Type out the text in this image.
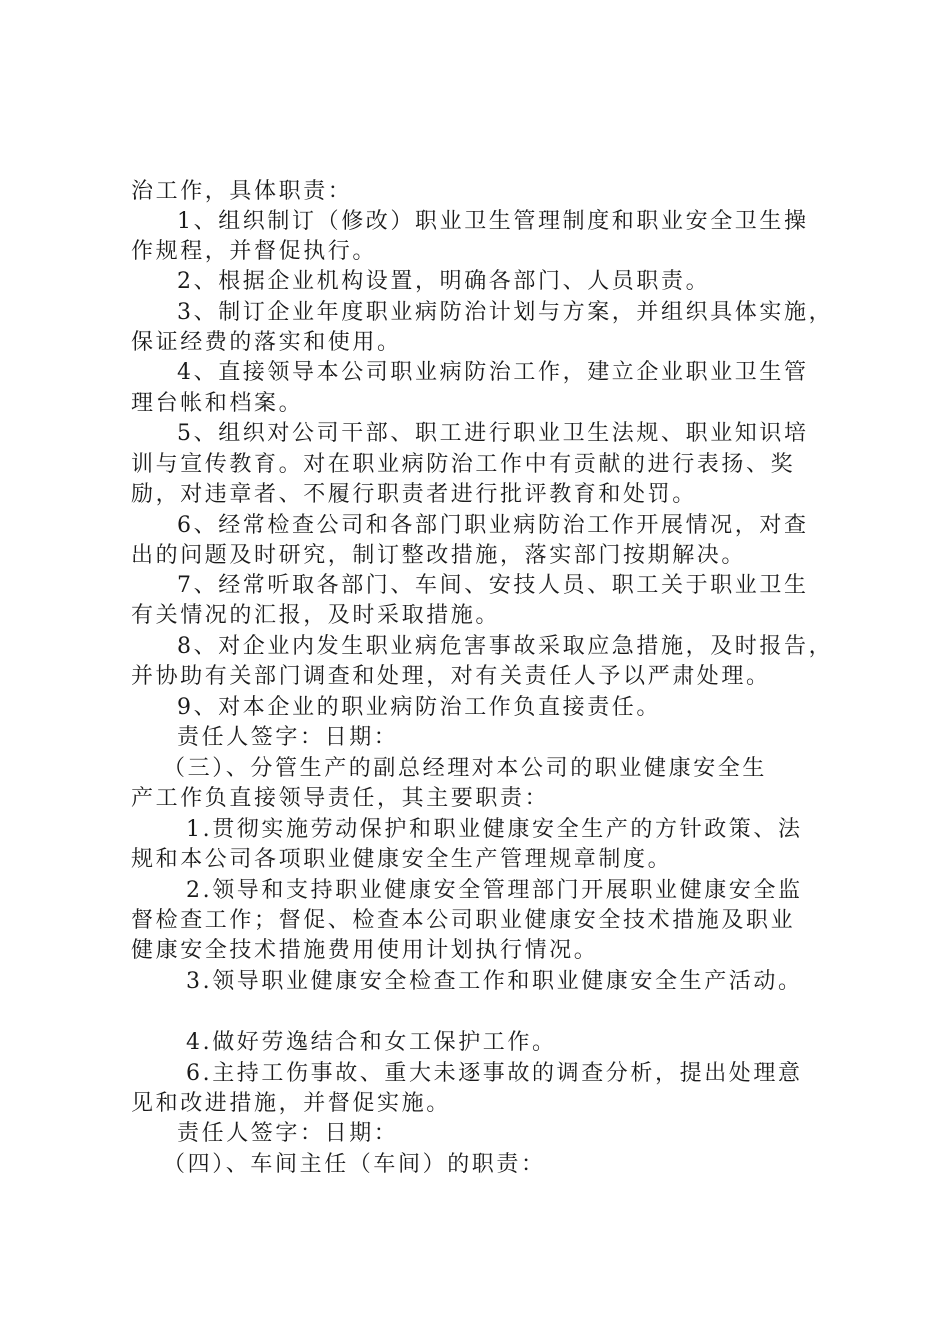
治工作，具体职责：
1、组织制订（修改）职业卫生管理制度和职业安全卫生操
作规程，并督促执行。
2、根据企业机构设置，明确各部门、人员职责。
3、制订企业年度职业病防治计划与方案，并组织具体实施，
保证经费的落实和使用。
4、直接领导本公司职业病防治工作，建立企业职业卫生管
理台帐和档案。
5、组织对公司干部、职工进行职业卫生法规、职业知识培
训与宣传教育。对在职业病防治工作中有贡献的进行表扬、奖
励，对违章者、不履行职责者进行批评教育和处罚。
6、经常检查公司和各部门职业病防治工作开展情况，对查
出的问题及时研究，制订整改措施，落实部门按期解决。
7、经常听取各部门、车间、安技人员、职工关于职业卫生
有关情况的汇报，及时采取措施。
8、对企业内发生职业病危害事故采取应急措施，及时报告，
并协助有关部门调查和处理，对有关责任人予以严肃处理。
9、对本企业的职业病防治工作负直接责任。
责任人签字：日期：
（三）、分管生产的副总经理对本公司的职业健康安全生
产工作负直接领导责任，其主要职责：
1.贯彻实施劳动保护和职业健康安全生产的方针政策、法
规和本公司各项职业健康安全生产管理规章制度。
2.领导和支持职业健康安全管理部门开展职业健康安全监
督检查工作；督促、检查本公司职业健康安全技术措施及职业
健康安全技术措施费用使用计划执行情况。
3.领导职业健康安全检查工作和职业健康安全生产活动。
4.做好劳逸结合和女工保护工作。
6.主持工伤事故、重大未逐事故的调查分析，提出处理意
见和改进措施，并督促实施。
责任人签字：日期：
（四）、车间主任（车间）的职责：
